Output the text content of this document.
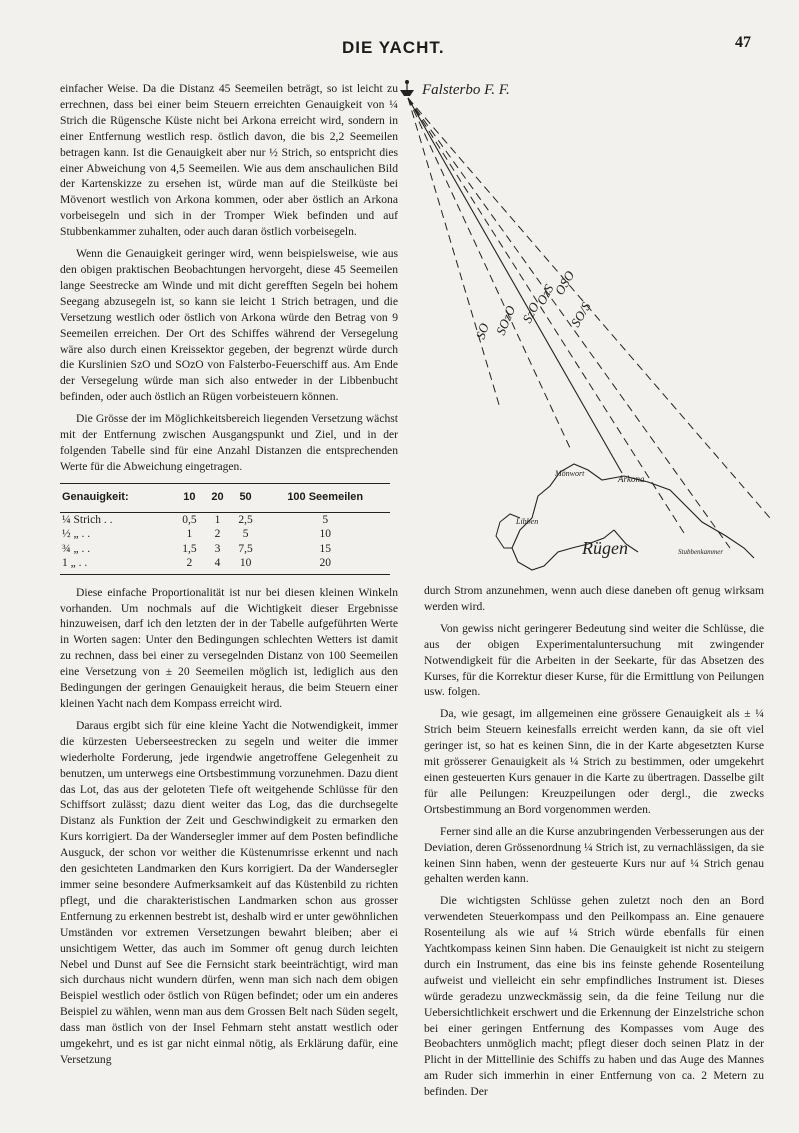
DIE YACHT.	47

einfacher Weise. Da die Distanz 45 Seemeilen beträgt, so ist leicht zu errechnen, dass bei einer beim Steuern erreichten Genauigkeit von ¼ Strich die Rügensche Küste nicht bei Arkona erreicht wird, sondern in einer Entfernung westlich resp. östlich davon, die bis 2,2 Seemeilen betragen kann. Ist die Genauigkeit aber nur ½ Strich, so entspricht dies einer Abweichung von 4,5 Seemeilen. Wie aus dem anschaulichen Bild der Kartenskizze zu ersehen ist, würde man auf die Steilküste bei Mövenort westlich von Arkona kommen, oder aber östlich an Arkona vorbeisegeln und sich in der Tromper Wiek befinden und auf Stubbenkammer zuhalten, oder auch daran östlich vorbeisegeln.

Wenn die Genauigkeit geringer wird, wenn beispielsweise, wie aus den obigen praktischen Beobachtungen hervorgeht, diese 45 Seemeilen lange Seestrecke am Winde und mit dicht gerefften Segeln bei hohem Seegang abzusegeln ist, so kann sie leicht 1 Strich betragen, und die Versetzung westlich oder östlich von Arkona würde den Betrag von 9 Seemeilen erreichen. Der Ort des Schiffes während der Versegelung wäre also durch einen Kreissektor gegeben, der begrenzt würde durch die Kurslinien SzO und SOzO von Falsterbo-Feuerschiff aus. Am Ende der Versegelung würde man sich also entweder in der Libbenbucht befinden, oder auch östlich an Rügen vorbeisteuern können.

Die Grösse der im Möglichkeitsbereich liegenden Versetzung wächst mit der Entfernung zwischen Ausgangspunkt und Ziel, und in der folgenden Tabelle sind für eine Anzahl Distanzen die entsprechenden Werte für die Abweichung eingetragen.

Genauigkeit:	10	20	50	100 Seemeilen
¼ Strich . .	0,5	1	2,5	5
½ „ . .	1	2	5	10
¾ „ . .	1,5	3	7,5	15
1 „ . .	2	4	10	20

Diese einfache Proportionalität ist nur bei diesen kleinen Winkeln vorhanden. Um nochmals auf die Wichtigkeit dieser Ergebnisse hinzuweisen, darf ich den letzten der in der Tabelle aufgeführten Werte in Worten sagen: Unter den Bedingungen schlechten Wetters ist damit zu rechnen, dass bei einer zu versegelnden Distanz von 100 Seemeilen eine Versetzung von ± 20 Seemeilen möglich ist, lediglich aus den Bedingungen der geringen Genauigkeit heraus, die beim Steuern einer kleinen Yacht nach dem Kompass erreicht wird.

Daraus ergibt sich für eine kleine Yacht die Notwendigkeit, immer die kürzesten Ueberseestrecken zu segeln und weiter die immer wiederholte Forderung, jede irgendwie angetroffene Gelegenheit zu benutzen, um unterwegs eine Ortsbestimmung vorzunehmen. Dazu dient das Lot, das aus der geloteten Tiefe oft weitgehende Schlüsse für den Schiffsort zulässt; dazu dient weiter das Log, das die durchsegelte Distanz als Funktion der Zeit und Geschwindigkeit zu ermarken den Kurs korrigiert. Da der Wandersegler immer auf dem Posten befindliche Ausguck, der schon vor weither die Küstenumrisse erkennt und nach den gesichteten Landmarken den Kurs korrigiert. Da der Wandersegler immer seine besondere Aufmerksamkeit auf das Küstenbild zu richten pflegt, und die charakteristischen Landmarken schon aus grosser Entfernung zu erkennen bestrebt ist, deshalb wird er unter gewöhnlichen Umständen vor extremen Versetzungen bewahrt bleiben; aber ei unsichtigem Wetter, das auch im Sommer oft genug durch leichten Nebel und Dunst auf See die Fernsicht stark beeinträchtigt, wird man sich durchaus nicht wundern dürfen, wenn man sich nach dem obigen Beispiel westlich oder östlich von Rügen befindet; oder um ein anderes Beispiel zu wählen, wenn man aus dem Grossen Belt nach Süden segelt, dass man östlich von der Insel Fehmarn steht anstatt westlich oder umgekehrt, und es ist gar nicht einmal nötig, als Erklärung dafür, eine Versetzung

Falsterbo F. F.
SO SOzO SzO
OzS
OSO
SO/S
Mönwort
Arkona
Libben
Rügen	Stubbenkammer

durch Strom anzunehmen, wenn auch diese daneben oft genug wirksam werden wird.

Von gewiss nicht geringerer Bedeutung sind weiter die Schlüsse, die aus der obigen Experimentaluntersuchung mit zwingender Notwendigkeit für die Arbeiten in der Seekarte, für das Absetzen des Kurses, für die Korrektur dieser Kurse, für die Ermittlung von Peilungen usw. folgen.

Da, wie gesagt, im allgemeinen eine grössere Genauigkeit als ± ¼ Strich beim Steuern keinesfalls erreicht werden kann, da sie oft viel geringer ist, so hat es keinen Sinn, die in der Karte abgesetzten Kurse mit grösserer Genauigkeit als ¼ Strich zu bestimmen, oder umgekehrt einen gesteuerten Kurs genauer in die Karte zu übertragen. Dasselbe gilt für alle Peilungen: Kreuzpeilungen oder dergl., die zwecks Ortsbestimmung an Bord vorgenommen werden.

Ferner sind alle an die Kurse anzubringenden Verbesserungen aus der Deviation, deren Grössenordnung ¼ Strich ist, zu vernachlässigen, da sie keinen Sinn haben, wenn der gesteuerte Kurs nur auf ¼ Strich genau gehalten werden kann.

Die wichtigsten Schlüsse gehen zuletzt noch den an Bord verwendeten Steuerkompass und den Peilkompass an. Eine genauere Rosenteilung als wie auf ¼ Strich würde ebenfalls für einen Yachtkompass keinen Sinn haben. Die Genauigkeit ist nicht zu steigern durch ein Instrument, das eine bis ins feinste gehende Rosenteilung aufweist und vielleicht ein sehr empfindliches Instrument ist. Dieses würde geradezu unzweckmässig sein, da die feine Teilung nur die Uebersichtlichkeit erschwert und die Erkennung der Einzelstriche schon bei einer geringen Entfernung des Kompasses vom Auge des Beobachters unmöglich macht; pflegt dieser doch seinen Platz in der Plicht in der Mittellinie des Schiffs zu haben und das Auge des Mannes am Ruder sich immerhin in einer Entfernung von ca. 2 Metern zu befinden. Der
